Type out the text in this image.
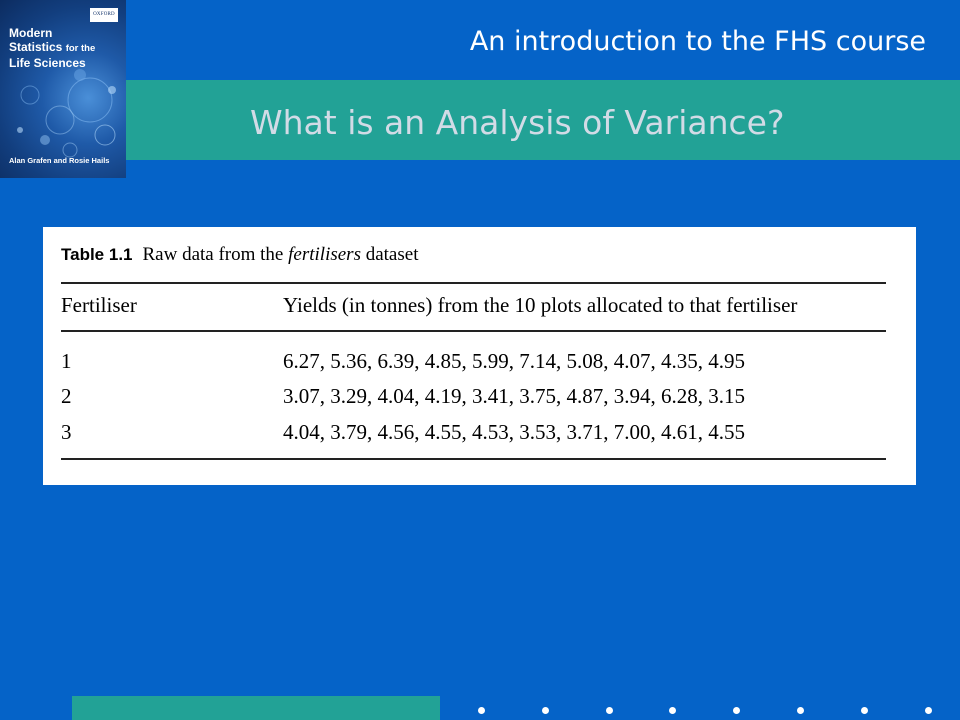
OXFORD
Modern
Statistics for the
Life Sciences
Alan Grafen and Rosie Hails
An introduction to the FHS course
What is an Analysis of Variance?
Table 1.1 Raw data from the fertilisers dataset
Fertiliser	Yields (in tonnes) from the 10 plots allocated to that fertiliser
1	6.27, 5.36, 6.39, 4.85, 5.99, 7.14, 5.08, 4.07, 4.35, 4.95
2	3.07, 3.29, 4.04, 4.19, 3.41, 3.75, 4.87, 3.94, 6.28, 3.15
3	4.04, 3.79, 4.56, 4.55, 4.53, 3.53, 3.71, 7.00, 4.61, 4.55
